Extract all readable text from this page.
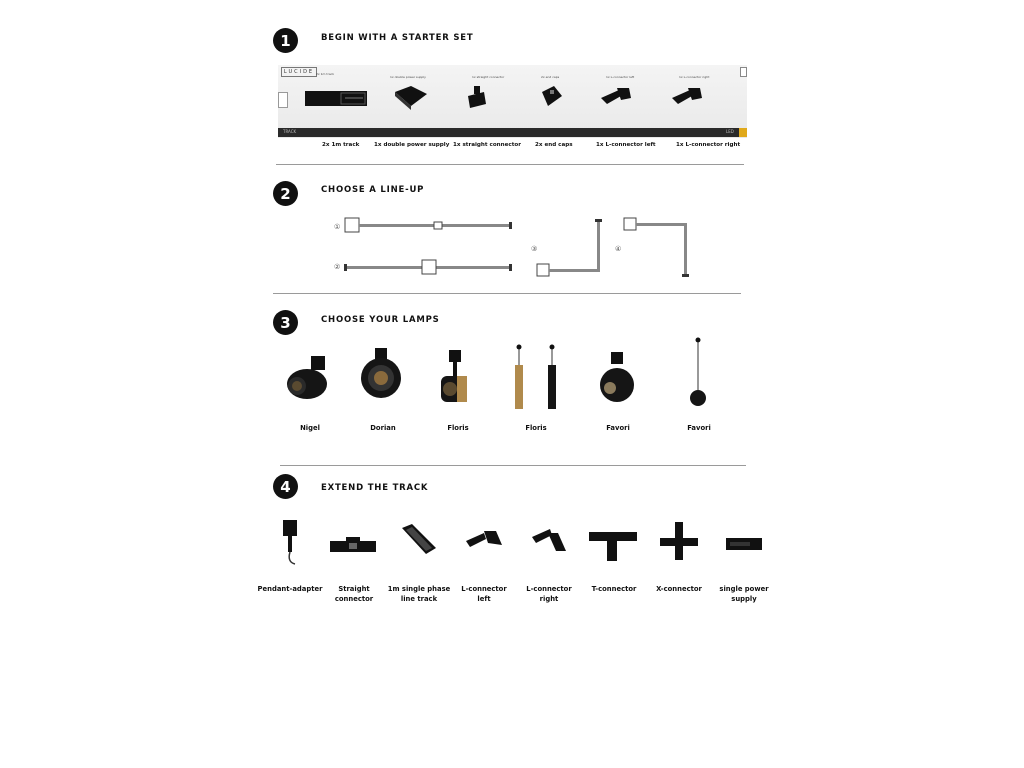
1	BEGIN WITH A STARTER SET
LUCIDE 2x 1m track
1x double power supply	1x straight connector	2x end caps	1x L-connector left	1x L-connector right
TRACK	LED
2x 1m track	1x double power supply 1x straight connector 2x end caps	1x L-connector left	1x L-connector right
2	CHOOSE A LINE-UP
①
②
③	④
3	CHOOSE YOUR LAMPS
Nigel	Dorian	Floris	Floris	Favori	Favori
4	EXTEND THE TRACK
Pendant-adapter	Straight
connector
1m single phase
line track
L-connector
left
L-connector
right
T-connector	X-connector	single power
supply
